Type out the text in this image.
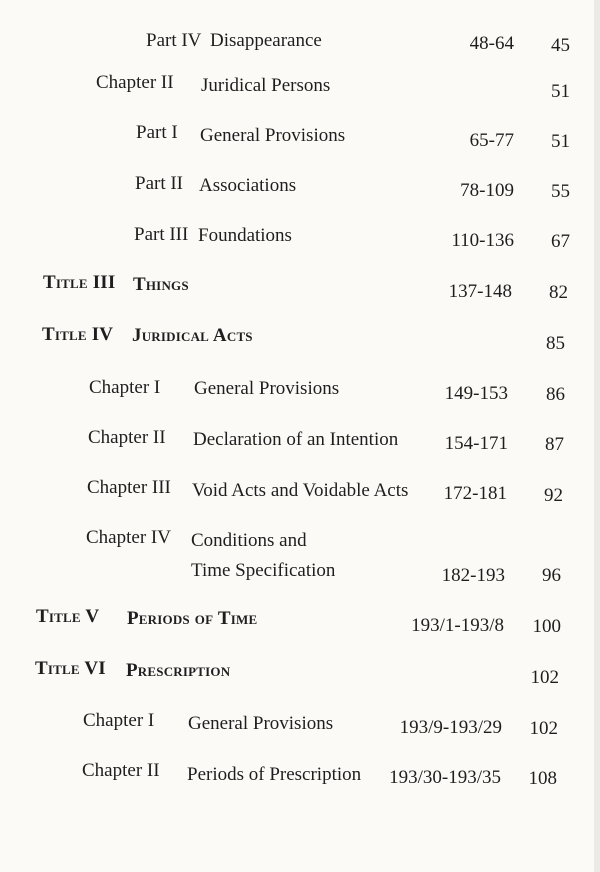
Part IV Disappearance	48-64 45
Chapter II Juridical Persons	51
Part I General Provisions	65-77 51
Part II Associations	78-109 55
Part III Foundations	110-136 67
Title III Things	137-148 82
Title IV Juridical Acts	85
Chapter I General Provisions	149-153 86
Chapter II Declaration of an Intention 154-171 87
Chapter III Void Acts and Voidable Acts 172-181 92
Chapter IV Conditions and
Time Specification	182-193 96
Title V Periods of Time	193/1-193/8 100
Title VI Prescription	102
Chapter I General Provisions	193/9-193/29 102
Chapter II Periods of Prescription 193/30-193/35 108
